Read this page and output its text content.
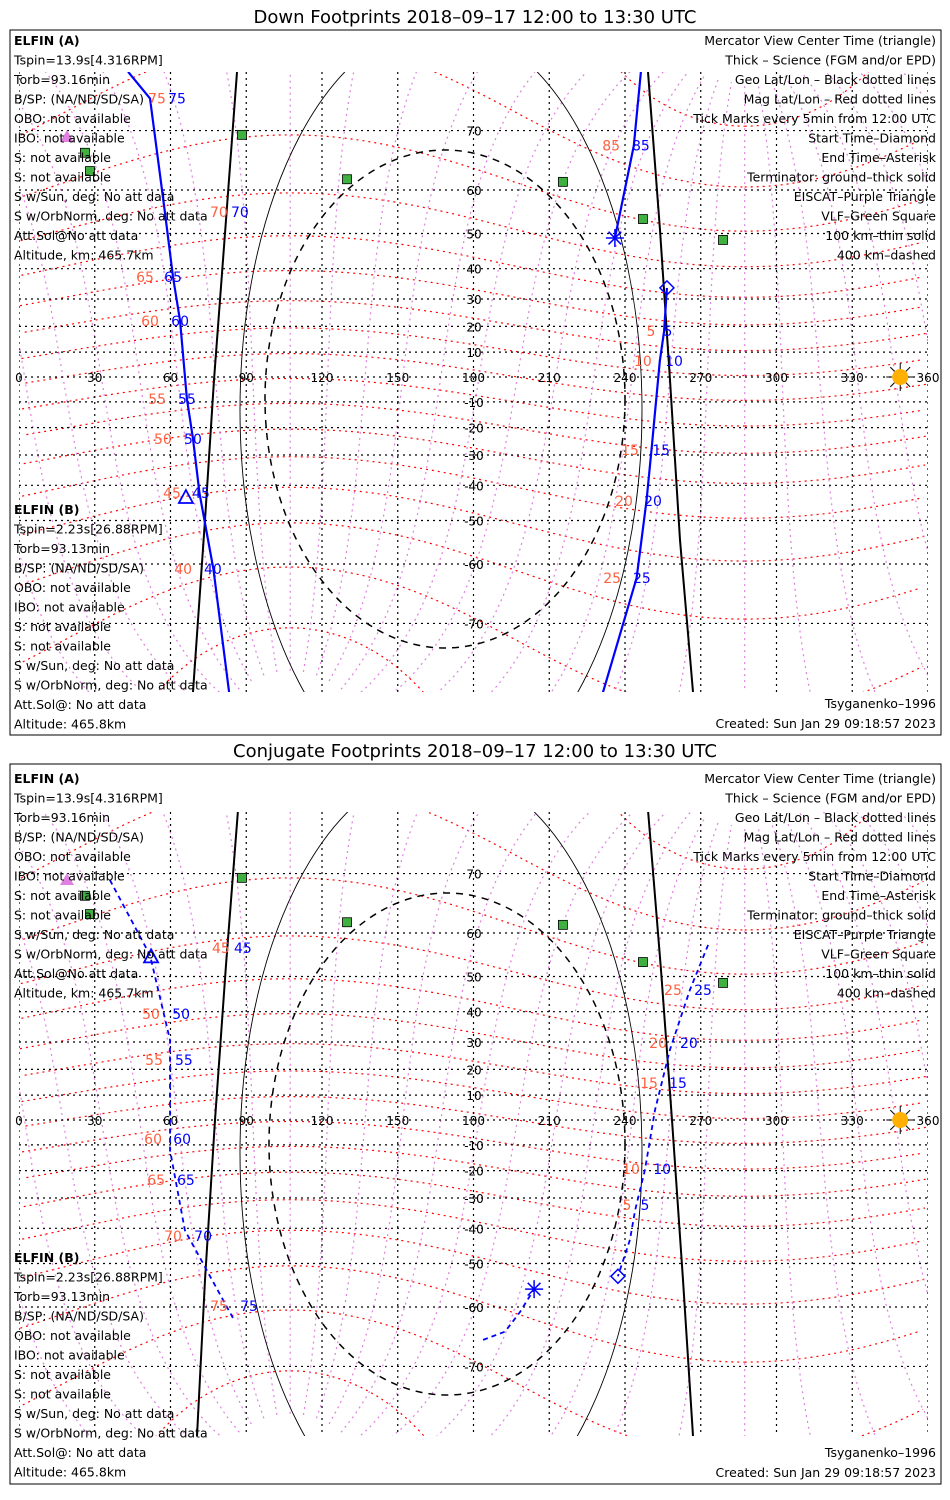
Down Footprints 2018–09–17 12:00 to 13:30 UTC
0	30	60	90	120	150	180	210	240	270	300	330	360
70
60
50
40
30
20
10
-10
-20
-30
-40
-50
-60
-70
ELFIN (A)
Tspin=13.9s[4.316RPM]
Torb=93.16min
B/SP: (NA/ND/SD/SA)
OBO: not available
IBO: not available
S: not available
S: not available
S w/Sun, deg: No att data
S w/OrbNorm, deg: No att data
Att.Sol@No att data
Altitude, km: 465.7km
ELFIN (B)
Tspin=2.23s[26.88RPM]
Torb=93.13min
B/SP: (NA/ND/SD/SA)
OBO: not available
IBO: not available
S: not available
S: not available
S w/Sun, deg: No att data
S w/OrbNorm, deg: No att data
Att.Sol@: No att data
Altitude: 465.8km
Mercator View Center Time (triangle)
Thick – Science (FGM and/or EPD)
Geo Lat/Lon – Black dotted lines
Mag Lat/Lon – Red dotted lines
Tick Marks every 5min from 12:00 UTC
Start Time–Diamond
End Time–Asterisk
Terminator: ground–thick solid
EISCAT–Purple Triangle
VLF–Green Square
100 km–thin solid
400 km–dashed
75
70
65
60
55
50
45
40
85
5
10
15
20
25
75
70
65
60
55
50
45
40
85
5
10
15
20
25
Tsyganenko–1996
Created: Sun Jan 29 09:18:57 2023
Conjugate Footprints 2018–09–17 12:00 to 13:30 UTC
0	30	60	90	120	150	180	210	240	270	300	330	360
70
60
50
40
30
20
10
-10
-20
-30
-40
-50
-60
-70
ELFIN (A)
Tspin=13.9s[4.316RPM]
Torb=93.16min
B/SP: (NA/ND/SD/SA)
OBO: not available
IBO: not available
S: not available
S: not available
S w/Sun, deg: No att data
S w/OrbNorm, deg: No att data
Att.Sol@No att data
Altitude, km: 465.7km
ELFIN (B)
Tspin=2.23s[26.88RPM]
Torb=93.13min
B/SP: (NA/ND/SD/SA)
OBO: not available
IBO: not available
S: not available
S: not available
S w/Sun, deg: No att data
S w/OrbNorm, deg: No att data
Att.Sol@: No att data
Altitude: 465.8km
Mercator View Center Time (triangle)
Thick – Science (FGM and/or EPD)
Geo Lat/Lon – Black dotted lines
Mag Lat/Lon – Red dotted lines
Tick Marks every 5min from 12:00 UTC
Start Time–Diamond
End Time–Asterisk
Terminator: ground–thick solid
EISCAT–Purple Triangle
VLF–Green Square
100 km–thin solid
400 km–dashed
45
50
55
60
65
70
75
25
20
15
10
5
45
50
55
60
65
70
75
25
20
15
10
5
Tsyganenko–1996
Created: Sun Jan 29 09:18:57 2023
